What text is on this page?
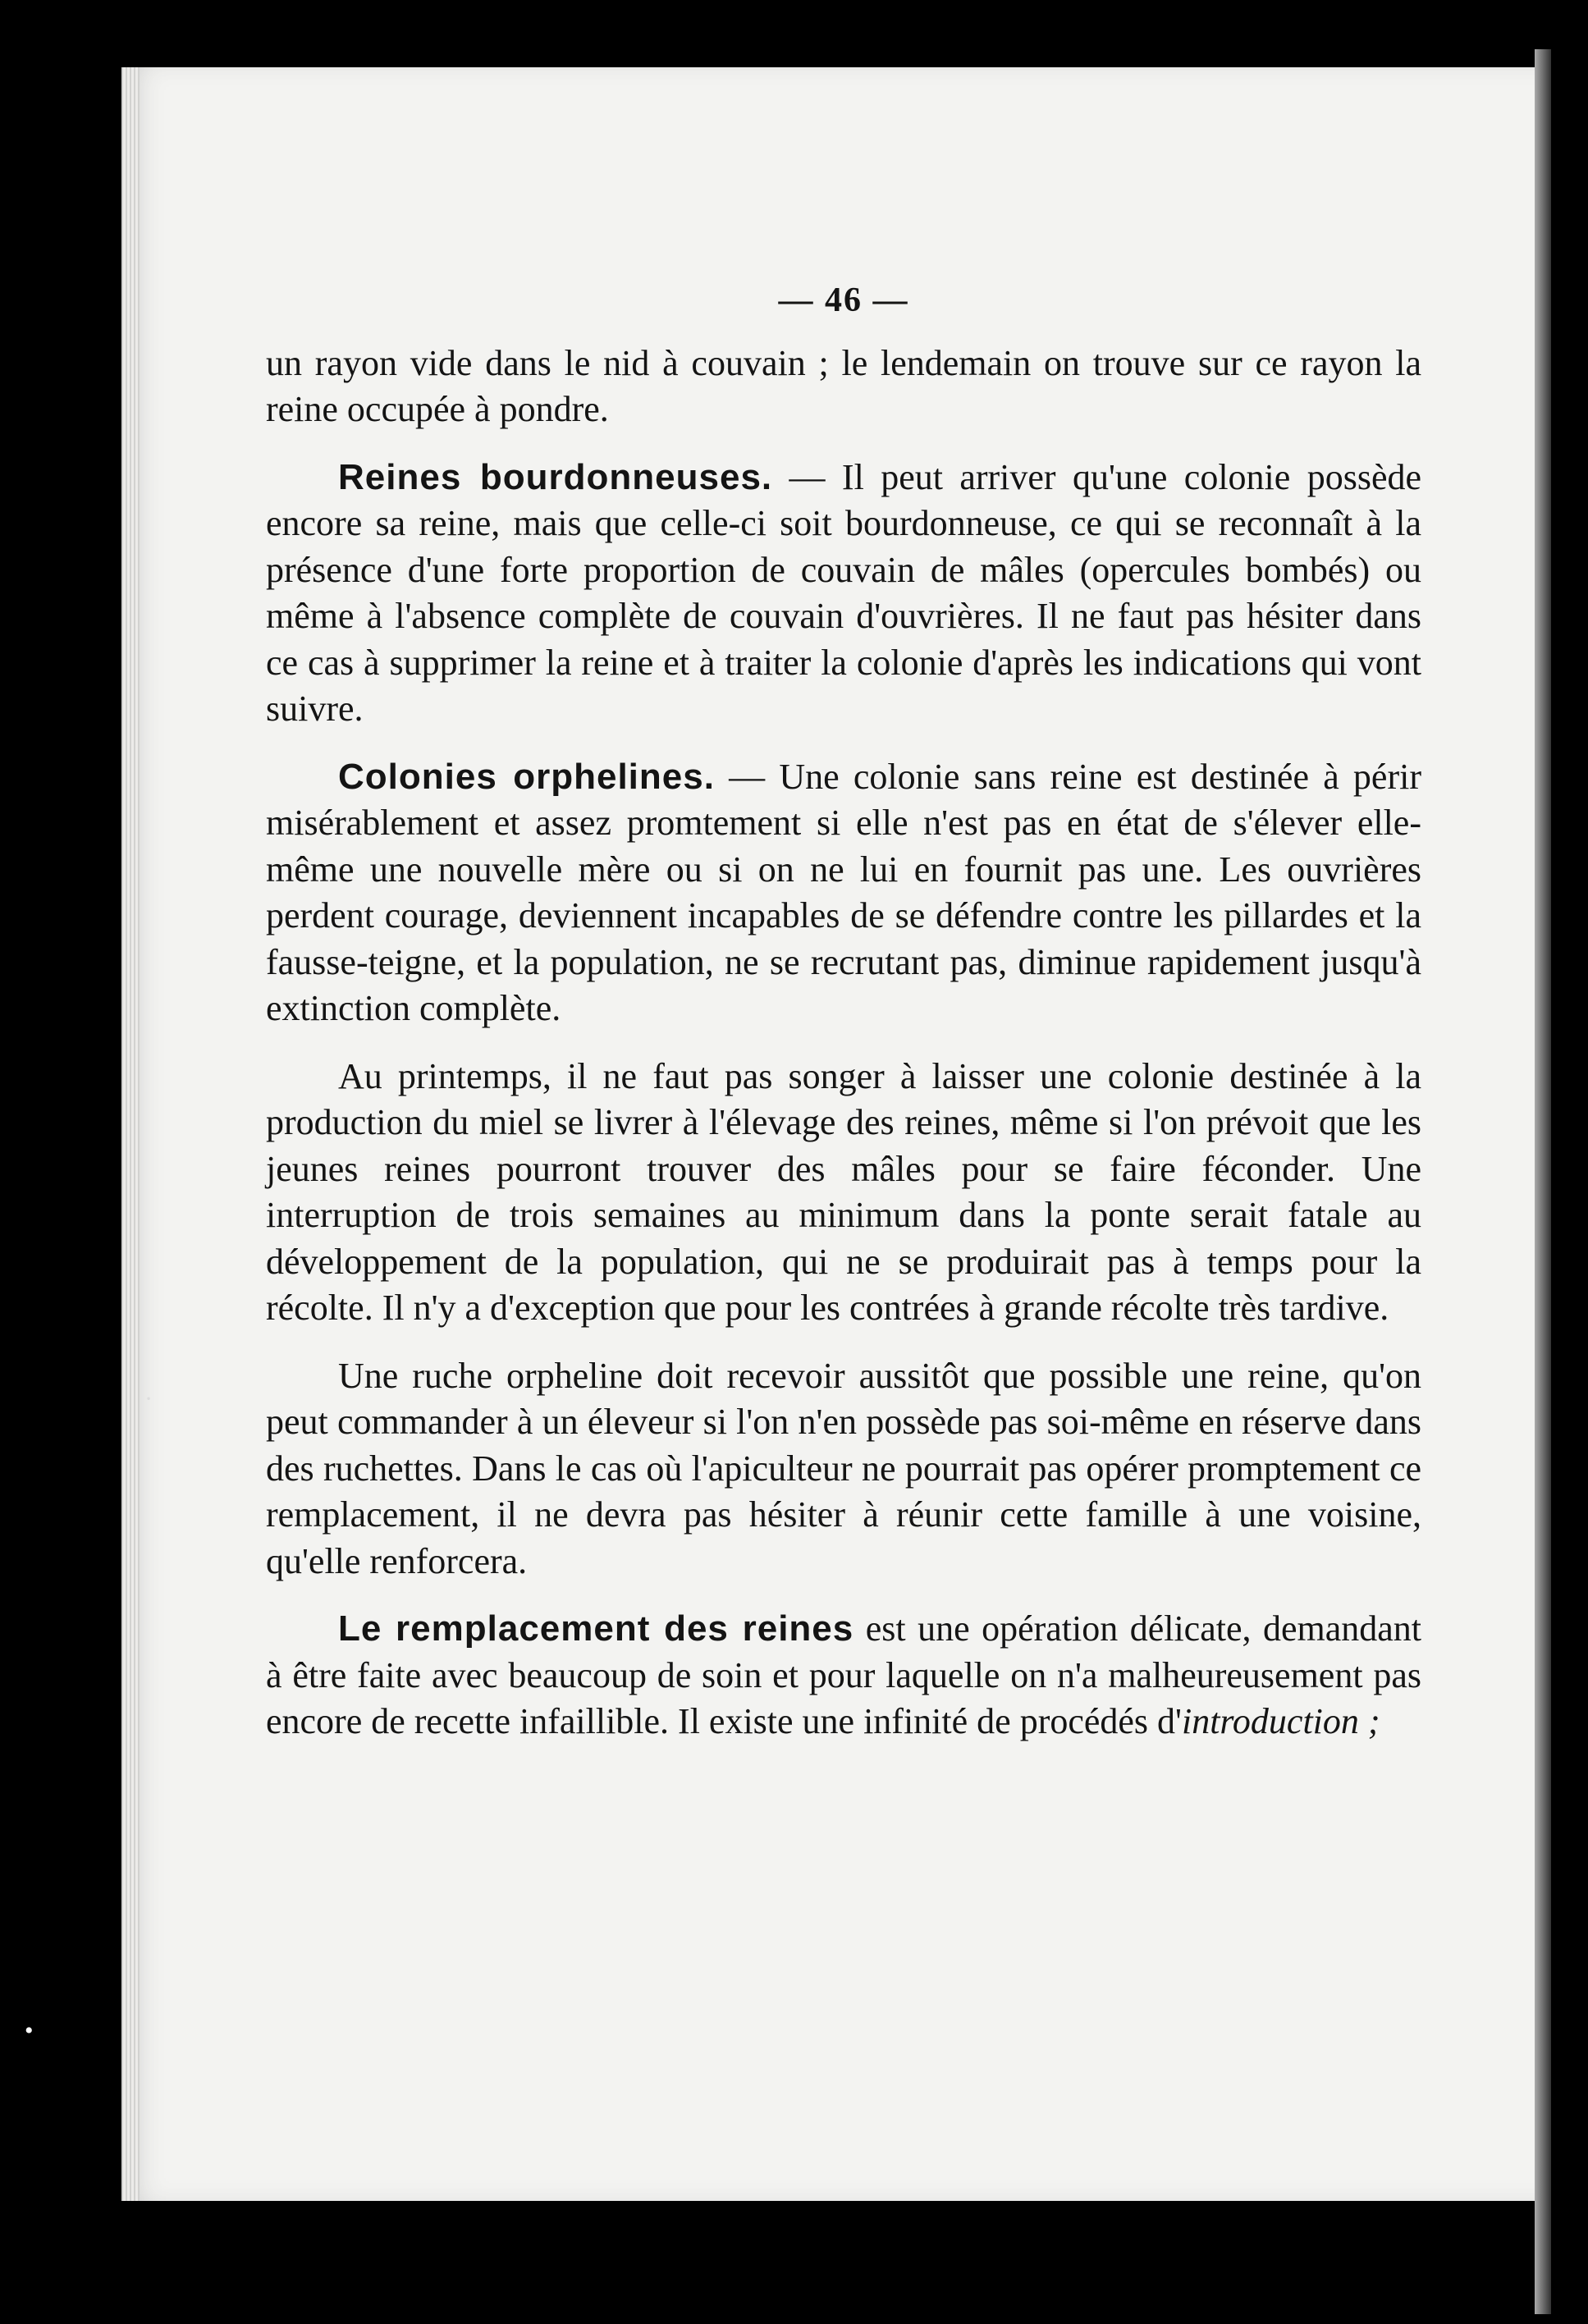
·
•
— 46 —

un rayon vide dans le nid à couvain ; le lendemain on trouve sur ce rayon la reine occupée à pondre.

Reines bourdonneuses. — Il peut arriver qu'une colonie possède encore sa reine, mais que celle-ci soit bourdonneuse, ce qui se reconnaît à la présence d'une forte proportion de couvain de mâles (opercules bombés) ou même à l'absence complète de couvain d'ouvrières. Il ne faut pas hésiter dans ce cas à supprimer la reine et à traiter la colonie d'après les indications qui vont suivre.

Colonies orphelines. — Une colonie sans reine est destinée à périr misérablement et assez promtement si elle n'est pas en état de s'élever elle-même une nouvelle mère ou si on ne lui en fournit pas une. Les ouvrières perdent courage, deviennent incapables de se défendre contre les pillardes et la fausse-teigne, et la population, ne se recrutant pas, diminue rapidement jusqu'à extinction complète.

Au printemps, il ne faut pas songer à laisser une colonie destinée à la production du miel se livrer à l'élevage des reines, même si l'on prévoit que les jeunes reines pourront trouver des mâles pour se faire féconder. Une interruption de trois semaines au minimum dans la ponte serait fatale au développement de la population, qui ne se produirait pas à temps pour la récolte. Il n'y a d'exception que pour les contrées à grande récolte très tardive.

Une ruche orpheline doit recevoir aussitôt que possible une reine, qu'on peut commander à un éleveur si l'on n'en possède pas soi-même en réserve dans des ruchettes. Dans le cas où l'apiculteur ne pourrait pas opérer promptement ce remplacement, il ne devra pas hésiter à réunir cette famille à une voisine, qu'elle renforcera.

Le remplacement des reines est une opération délicate, demandant à être faite avec beaucoup de soin et pour laquelle on n'a malheureusement pas encore de recette infaillible. Il existe une infinité de procédés d'introduction ;
